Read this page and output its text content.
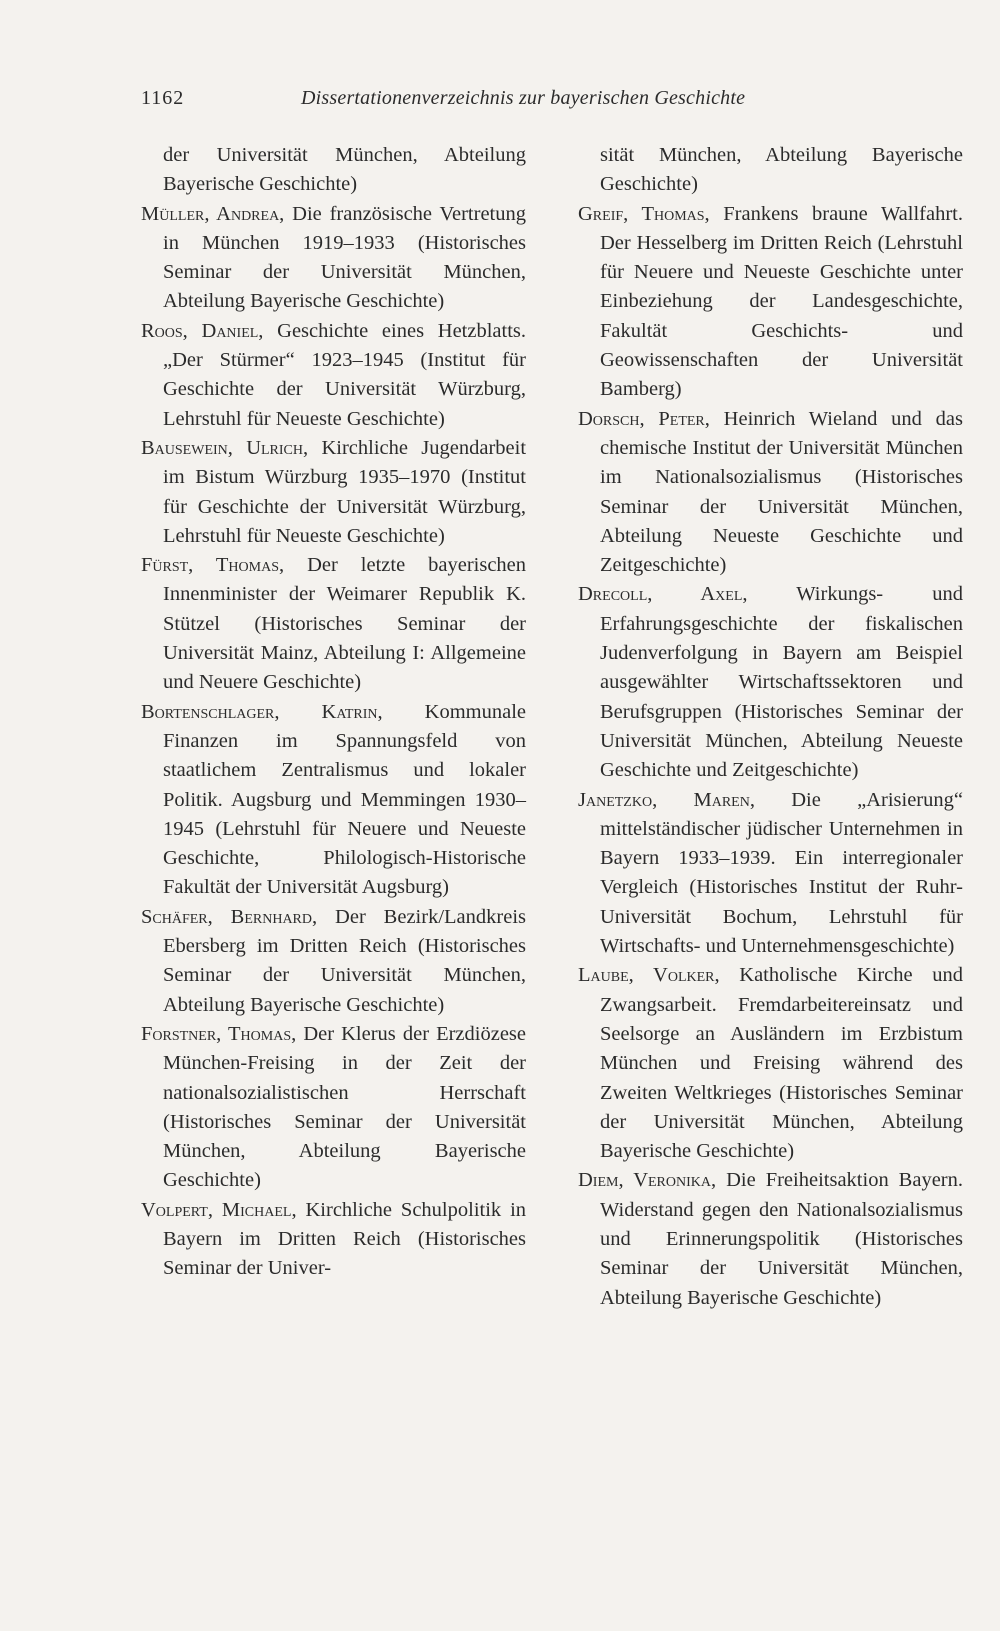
1162	Dissertationenverzeichnis zur bayerischen Geschichte

der Universität München, Abteilung Bayerische Geschichte)

Müller, Andrea, Die französische Vertretung in München 1919–1933 (Historisches Seminar der Universität München, Abteilung Bayerische Geschichte)

Roos, Daniel, Geschichte eines Hetzblatts. „Der Stürmer“ 1923–1945 (Institut für Geschichte der Universität Würzburg, Lehrstuhl für Neueste Geschichte)

Bausewein, Ulrich, Kirchliche Jugendarbeit im Bistum Würzburg 1935–1970 (Institut für Geschichte der Universität Würzburg, Lehrstuhl für Neueste Geschichte)

Fürst, Thomas, Der letzte bayerischen Innenminister der Weimarer Republik K. Stützel (Historisches Seminar der Universität Mainz, Abteilung I: Allgemeine und Neuere Geschichte)

Bortenschlager, Katrin, Kommunale Finanzen im Spannungsfeld von staatlichem Zentralismus und lokaler Politik. Augsburg und Memmingen 1930–1945 (Lehrstuhl für Neuere und Neueste Geschichte, Philologisch-Historische Fakultät der Universität Augsburg)

Schäfer, Bernhard, Der Bezirk/Landkreis Ebersberg im Dritten Reich (Historisches Seminar der Universität München, Abteilung Bayerische Geschichte)

Forstner, Thomas, Der Klerus der Erzdiözese München-Freising in der Zeit der nationalsozialistischen Herrschaft (Historisches Seminar der Universität München, Abteilung Bayerische Geschichte)

Volpert, Michael, Kirchliche Schulpolitik in Bayern im Dritten Reich (Historisches Seminar der Univer-

sität München, Abteilung Bayerische Geschichte)

Greif, Thomas, Frankens braune Wallfahrt. Der Hesselberg im Dritten Reich (Lehrstuhl für Neuere und Neueste Geschichte unter Einbeziehung der Landesgeschichte, Fakultät Geschichts- und Geowissenschaften der Universität Bamberg)

Dorsch, Peter, Heinrich Wieland und das chemische Institut der Universität München im Nationalsozialismus (Historisches Seminar der Universität München, Abteilung Neueste Geschichte und Zeitgeschichte)

Drecoll, Axel, Wirkungs- und Erfahrungsgeschichte der fiskalischen Judenverfolgung in Bayern am Beispiel ausgewählter Wirtschaftssektoren und Berufsgruppen (Historisches Seminar der Universität München, Abteilung Neueste Geschichte und Zeitgeschichte)

Janetzko, Maren, Die „Arisierung“ mittelständischer jüdischer Unternehmen in Bayern 1933–1939. Ein interregionaler Vergleich (Historisches Institut der Ruhr-Universität Bochum, Lehrstuhl für Wirtschafts- und Unternehmensgeschichte)

Laube, Volker, Katholische Kirche und Zwangsarbeit. Fremdarbeitereinsatz und Seelsorge an Ausländern im Erzbistum München und Freising während des Zweiten Weltkrieges (Historisches Seminar der Universität München, Abteilung Bayerische Geschichte)

Diem, Veronika, Die Freiheitsaktion Bayern. Widerstand gegen den Nationalsozialismus und Erinnerungspolitik (Historisches Seminar der Universität München, Abteilung Bayerische Geschichte)
